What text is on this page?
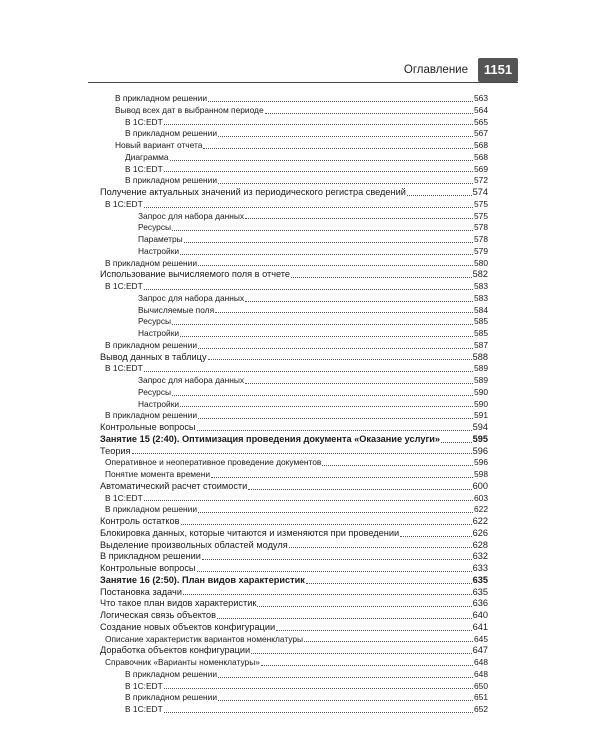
Оглавление	1151
В прикладном решении	563
Вывод всех дат в выбранном периоде	564
В 1С:EDT	565
В прикладном решении	567
Новый вариант отчета	568
Диаграмма	568
В 1С:EDT	569
В прикладном решении	572
Получение актуальных значений из периодического регистра сведений	574
В 1С:EDT	575
Запрос для набора данных	575
Ресурсы	578
Параметры	578
Настройки	579
В прикладном решении	580
Использование вычисляемого поля в отчете	582
В 1С:EDT	583
Запрос для набора данных	583
Вычисляемые поля	584
Ресурсы	585
Настройки	585
В прикладном решении	587
Вывод данных в таблицу	588
В 1С:EDT	589
Запрос для набора данных	589
Ресурсы	590
Настройки	590
В прикладном решении	591
Контрольные вопросы	594
Занятие 15 (2:40). Оптимизация проведения документа «Оказание услуги»	595
Теория	596
Оперативное и неоперативное проведение документов	596
Понятие момента времени	598
Автоматический расчет стоимости	600
В 1С:EDT	603
В прикладном решении	622
Контроль остатков	622
Блокировка данных, которые читаются и изменяются при проведении	626
Выделение произвольных областей модуля	628
В прикладном решении	632
Контрольные вопросы	633
Занятие 16 (2:50). План видов характеристик	635
Постановка задачи	635
Что такое план видов характеристик	636
Логическая связь объектов	640
Создание новых объектов конфигурации	641
Описание характеристик вариантов номенклатуры	645
Доработка объектов конфигурации	647
Справочник «Варианты номенклатуры»	648
В прикладном решении	648
В 1С:EDT	650
В прикладном решении	651
В 1С:EDT	652
